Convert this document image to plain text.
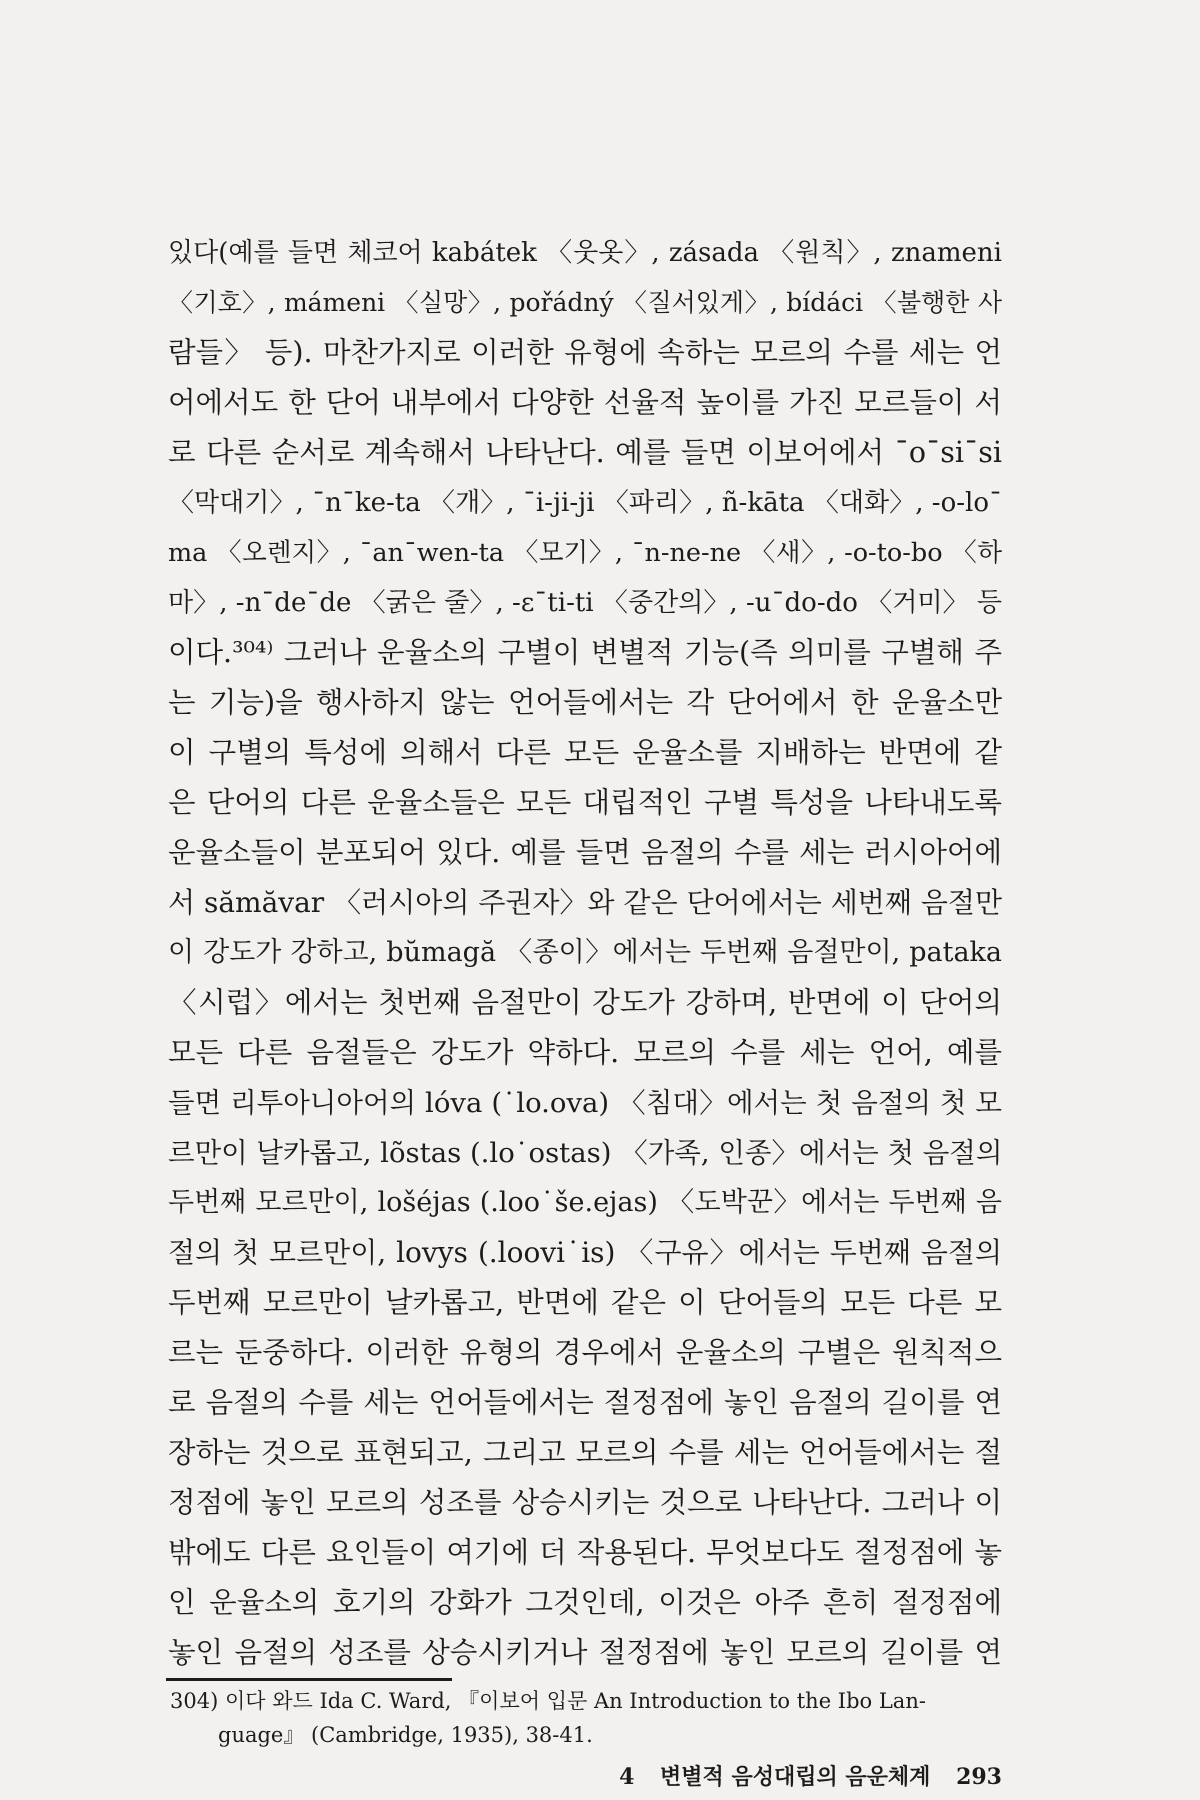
있다(예를 들면 체코어 kabátek 〈웃옷〉, zásada 〈원칙〉, znameni
〈기호〉, mámeni 〈실망〉, pořádný 〈질서있게〉, bídáci 〈불행한 사
람들〉 등). 마찬가지로 이러한 유형에 속하는 모르의 수를 세는 언
어에서도 한 단어 내부에서 다양한 선율적 높이를 가진 모르들이 서
로 다른 순서로 계속해서 나타난다. 예를 들면 이보어에서 ¯o¯si¯si
〈막대기〉, ¯n¯ke-ta 〈개〉, ¯i-ji-ji 〈파리〉, ñ-kāta 〈대화〉, -o-lo¯
ma 〈오렌지〉, ¯an¯wen-ta 〈모기〉, ¯n-ne-ne 〈새〉, -o-to-bo 〈하
마〉, -n¯de¯de 〈굵은 줄〉, -ɛ¯ti-ti 〈중간의〉, -u¯do-do 〈거미〉 등
이다.³⁰⁴⁾ 그러나 운율소의 구별이 변별적 기능(즉 의미를 구별해 주
는 기능)을 행사하지 않는 언어들에서는 각 단어에서 한 운율소만
이 구별의 특성에 의해서 다른 모든 운율소를 지배하는 반면에 같
은 단어의 다른 운율소들은 모든 대립적인 구별 특성을 나타내도록
운율소들이 분포되어 있다. 예를 들면 음절의 수를 세는 러시아어에
서 sămăvar 〈러시아의 주권자〉와 같은 단어에서는 세번째 음절만
이 강도가 강하고, bŭmagă 〈종이〉에서는 두번째 음절만이, pataka
〈시럽〉에서는 첫번째 음절만이 강도가 강하며, 반면에 이 단어의
모든 다른 음절들은 강도가 약하다. 모르의 수를 세는 언어, 예를
들면 리투아니아어의 lóva (˙lo.ova) 〈침대〉에서는 첫 음절의 첫 모
르만이 날카롭고, lõstas (.lo˙ostas) 〈가족, 인종〉에서는 첫 음절의
두번째 모르만이, lošéjas (.loo˙še.ejas) 〈도박꾼〉에서는 두번째 음
절의 첫 모르만이, lovys (.loovi˙is) 〈구유〉에서는 두번째 음절의
두번째 모르만이 날카롭고, 반면에 같은 이 단어들의 모든 다른 모
르는 둔중하다. 이러한 유형의 경우에서 운율소의 구별은 원칙적으
로 음절의 수를 세는 언어들에서는 절정점에 놓인 음절의 길이를 연
장하는 것으로 표현되고, 그리고 모르의 수를 세는 언어들에서는 절
정점에 놓인 모르의 성조를 상승시키는 것으로 나타난다. 그러나 이
밖에도 다른 요인들이 여기에 더 작용된다. 무엇보다도 절정점에 놓
인 운율소의 호기의 강화가 그것인데, 이것은 아주 흔히 절정점에
놓인 음절의 성조를 상승시키거나 절정점에 놓인 모르의 길이를 연
304) 이다 와드 Ida C. Ward, 『이보어 입문 An Introduction to the Ibo Lan-
guage』 (Cambridge, 1935), 38-41.
4 변별적 음성대립의 음운체계 293
